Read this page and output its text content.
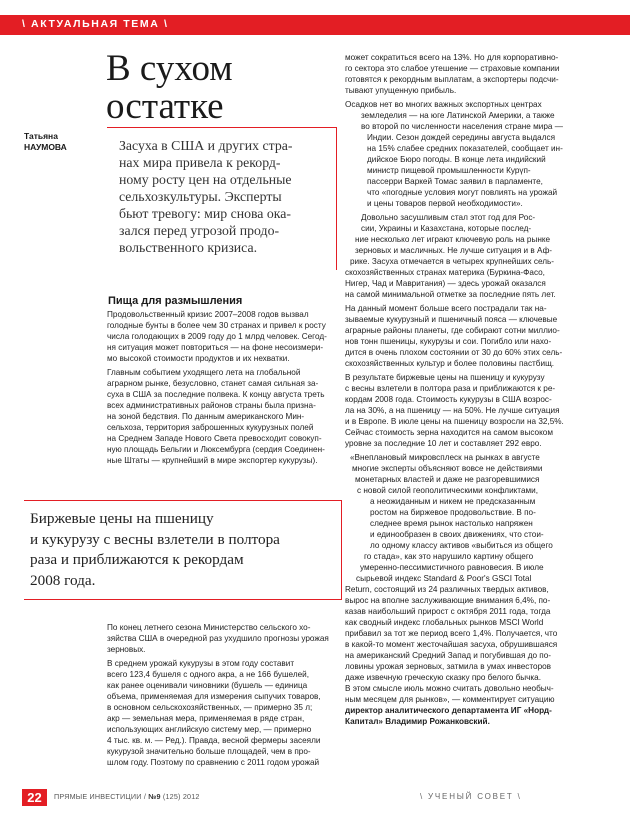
\ АКТУАЛЬНАЯ ТЕМА \
В сухом
остатке
Татьяна
НАУМОВА	Засуха в США и других стра-
нах мира привела к рекорд-
ному росту цен на отдельные
сельхозкультуры. Эксперты
бьют тревогу: мир снова ока-
зался перед угрозой продо-
вольственного кризиса.
Пища для размышления
Продовольственный кризис 2007–2008 годов вызвал
голодные бунты в более чем 30 странах и привел к росту
числа голодающих в 2009 году до 1 млрд человек. Сегод-
ня ситуация может повториться — на фоне несоизмери-
мо высокой стоимости продуктов и их нехватки.
Главным событием уходящего лета на глобальной
аграрном рынке, безусловно, станет самая сильная за-
суха в США за последние полвека. К концу августа треть
всех административных районов страны была призна-
на зоной бедствия. По данным американского Мин-
сельхоза, территория заброшенных кукурузных полей
на Среднем Западе Нового Света превосходит совокуп-
ную площадь Бельгии и Люксембурга (сердия Соединен-
ные Штаты — крупнейший в мире экспортер кукурузы).
Биржевые цены на пшеницу
и кукурузу с весны взлетели в полтора
раза и приближаются к рекордам
2008 года.
По конец летнего сезона Министерство сельского хо-
зяйства США в очередной раз ухудшило прогнозы урожая
зерновых.
В среднем урожай кукурузы в этом году составит
всего 123,4 бушеля с одного акра, а не 166 бушелей,
как ранее оценивали чиновники (бушель — единица
объема, применяемая для измерения сыпучих товаров,
в основном сельскохозяйственных, — примерно 35 л;
акр — земельная мера, применяемая в ряде стран,
использующих английскую систему мер, — примерно
4 тыс. кв. м. — Ред.). Правда, весной фермеры засеяли
кукурузой значительно больше площадей, чем в про-
шлом году. Поэтому по сравнению с 2011 годом урожай
может сократиться всего на 13%. Но для корпоративно-
го сектора это слабое утешение — страховые компании
готовятся к рекордным выплатам, а экспортеры подсчи-
тывают упущенную прибыль.
Осадков нет во многих важных экспортных центрах
земледелия — на юге Латинской Америки, а также
во второй по численности населения стране мира —
Индии. Сезон дождей середины августа выдался
на 15% слабее средних показателей, сообщает ин-
дийское Бюро погоды. В конце лета индийский
министр пищевой промышленности Курүп-
пассерри Варкей Томас заявил в парламенте,
что «погодные условия могут повлиять на урожай
и цены товаров первой необходимости».
Довольно засушливым стал этот год для Рос-
сии, Украины и Казахстана, которые послед-
ние несколько лет играют ключевую роль на рынке
зерновых и масличных. Не лучше ситуация и в Аф-
рике. Засуха отмечается в четырех крупнейших сель-
скохозяйственных странах материка (Буркина-Фасо,
Нигер, Чад и Мавритания) — здесь урожай оказался
на самой минимальной отметке за последние пять лет.
На данный момент больше всего пострадали так на-
зываемые кукурузный и пшеничный пояса — ключевые
аграрные районы планеты, где собирают сотни миллио-
нов тонн пшеницы, кукурузы и сои. Погибло или нахо-
дится в очень плохом состоянии от 30 до 60% этих сель-
скохозяйственных культур и более половины пастбищ.
В результате биржевые цены на пшеницу и кукурузу
с весны взлетели в полтора раза и приближаются к ре-
кордам 2008 года. Стоимость кукурузы в США возрос-
ла на 30%, а на пшеницу — на 50%. Не лучше ситуация
и в Европе. В июле цены на пшеницу возросли на 32,5%.
Сейчас стоимость зерна находится на самом высоком
уровне за последние 10 лет и составляет 292 евро.
«Внеплановый микровсплеск на рынках в августе
многие эксперты объясняют вовсе не действиями
монетарных властей и даже не разгоревшимися
с новой силой геополитическими конфликтами,
а неожиданным и никем не предсказанным
ростом на биржевое продовольствие. В по-
следнее время рынок настолько напряжен
и единообразен в своих движениях, что стои-
ло одному классу активов «выбиться из общего
го стада», как это нарушило картину общего
умеренно-пессимистичного равновесия. В июле
сырьевой индекс Standard & Poor's GSCI Total
Return, состоящий из 24 различных твердых активов,
вырос на вполне заслуживающие внимания 6,4%, по-
казав наибольший прирост с октября 2011 года, тогда
как сводный индекс глобальных рынков MSCI World
прибавил за тот же период всего 1,4%. Получается, что
в какой-то момент жесточайшая засуха, обрушившаяся
на американский Средний Запад и погубившая до по-
ловины урожая зерновых, затмила в умах инвесторов
даже извечную греческую сказку про белого бычка.
В этом смысле июль можно считать довольно необыч-
ным месяцем для рынков», — комментирует ситуацию
директор аналитического департамента ИГ «Норд-
Капитал» Владимир Рожанковский.
22	ПРЯМЫЕ ИНВЕСТИЦИИ / №9 (125) 2012	\ УЧЕНЫЙ СОВЕТ \
